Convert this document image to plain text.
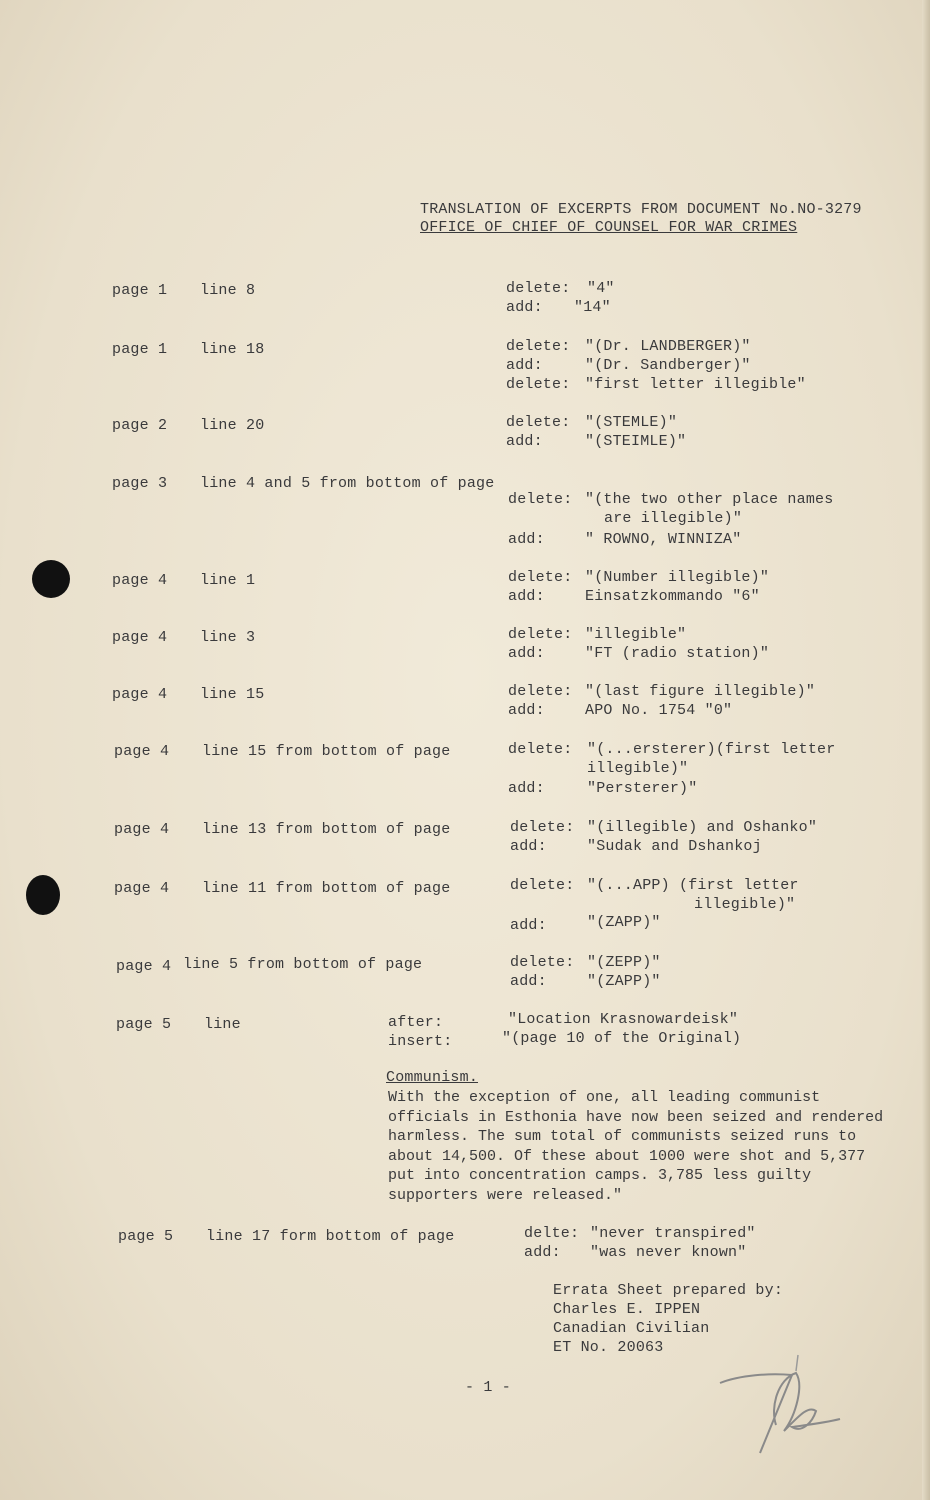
TRANSLATION OF EXCERPTS FROM DOCUMENT No.NO-3279
OFFICE OF CHIEF OF COUNSEL FOR WAR CRIMES
page 1 line 8	delete: "4"
add: "14"
page 1 line 18	delete: "(Dr. LANDBERGER)"
add:	"(Dr. Sandberger)"
delete: "first letter illegible"
page 2 line 20	delete: "(STEMLE)"
add:	"(STEIMLE)"
page 3 line 4 and 5 from bottom of page
delete: "(the two other place names
are illegible)"
add:	" ROWNO, WINNIZA"
page 4 line 1	delete: "(Number illegible)"
add:	Einsatzkommando "6"
page 4 line 3	delete: "illegible"
add:	"FT (radio station)"
page 4 line 15	delete: "(last figure illegible)"
add:	APO No. 1754 "0"
page 4 line 15 from bottom of page	delete: "(...ersterer)(first letter
illegible)"
add:	"Persterer)"
page 4 line 13 from bottom of page	delete: "(illegible) and Oshanko"
add:	"Sudak and Dshankoj
page 4 line 11 from bottom of page	delete: "(...APP) (first letter
illegible)"
add:	"(ZAPP)"
page 4 line 5 from bottom of page	delete: "(ZEPP)"
add:	"(ZAPP)"
page 5 line	after:	"Location Krasnowardeisk"
insert:	"(page 10 of the Original)
Communism.
With the exception of one, all leading communist officials in Esthonia have now been seized and rendered harmless. The sum total of communists seized runs to about 14,500. Of these about 1000 were shot and 5,377 put into concentration camps. 3,785 less guilty supporters were released."
page 5 line 17 form bottom of page	delte: "never transpired"
add: "was never known"
Errata Sheet prepared by:
Charles E. IPPEN
Canadian Civilian
ET No. 20063
- 1 -
